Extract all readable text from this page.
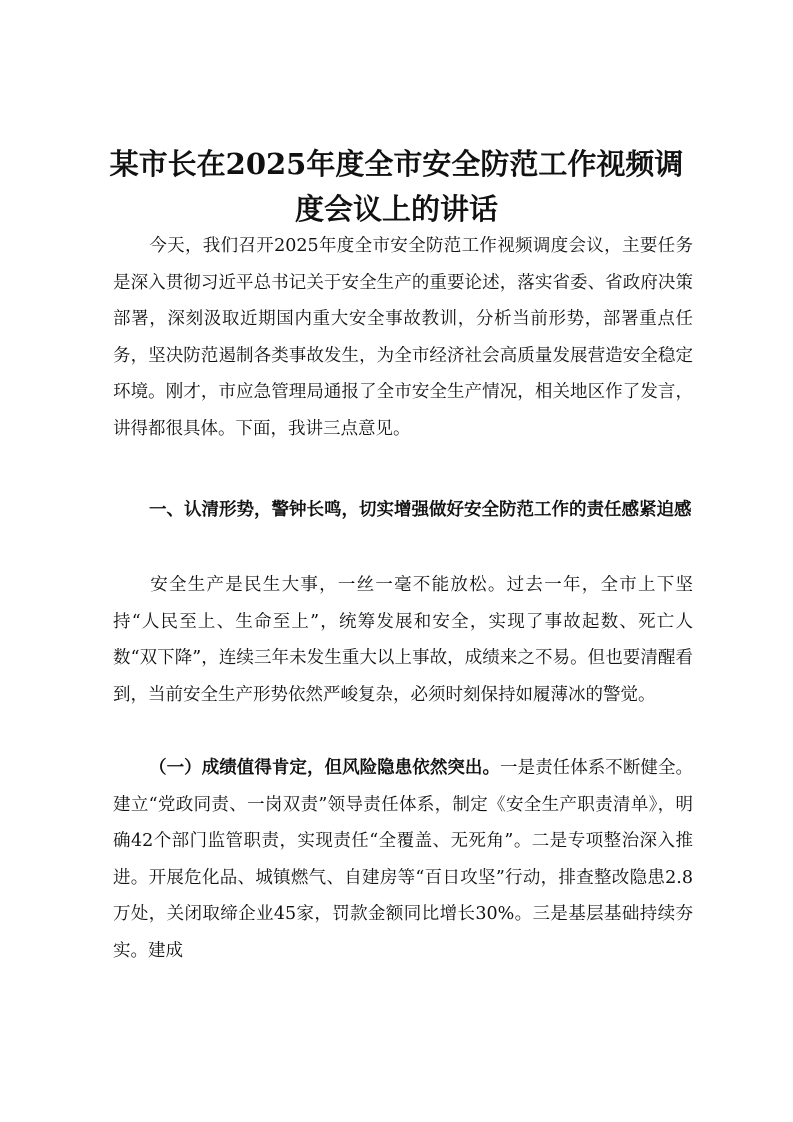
某市长在2025年度全市安全防范工作视频调
度会议上的讲话

今天，我们召开2025年度全市安全防范工作视频调度会议，主要任务是深入贯彻习近平总书记关于安全生产的重要论述，落实省委、省政府决策部署，深刻汲取近期国内重大安全事故教训，分析当前形势，部署重点任务，坚决防范遏制各类事故发生，为全市经济社会高质量发展营造安全稳定环境。刚才，市应急管理局通报了全市安全生产情况，相关地区作了发言，讲得都很具体。下面，我讲三点意见。

一、认清形势，警钟长鸣，切实增强做好安全防范工作的责任感紧迫感

安全生产是民生大事，一丝一毫不能放松。过去一年，全市上下坚持“人民至上、生命至上”，统筹发展和安全，实现了事故起数、死亡人数“双下降”，连续三年未发生重大以上事故，成绩来之不易。但也要清醒看到，当前安全生产形势依然严峻复杂，必须时刻保持如履薄冰的警觉。

（一）成绩值得肯定，但风险隐患依然突出。一是责任体系不断健全。建立“党政同责、一岗双责”领导责任体系，制定《安全生产职责清单》，明确42个部门监管职责，实现责任“全覆盖、无死角”。二是专项整治深入推进。开展危化品、城镇燃气、自建房等“百日攻坚”行动，排查整改隐患2.8万处，关闭取缔企业45家，罚款金额同比增长30%。三是基层基础持续夯实。建成
